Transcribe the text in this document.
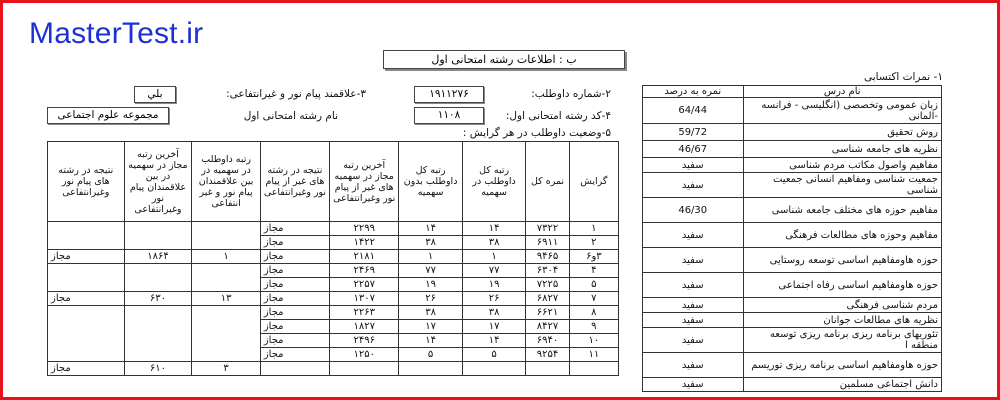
MasterTest.ir
ب : اطلاعات رشته امتحانی اول
۱- نمرات اکتسابی
۲-شماره داوطلب:
۱۹۱۱۲۷۶
۳-علاقمند پیام نور و غیرانتفاعی:
بلي
۴-کد رشته امتحانی اول:
۱۱۰۸
نام رشته امتحانی اول
مجموعه علوم اجتماعی
۵-وضعیت داوطلب در هر گرایش :
نام درس	نمره به درصد
زبان عمومی وتخصصی (انگلیسی - فرانسه -المانی	64/44
روش تحقیق	59/72
نظریه های جامعه شناسی	46/67
مفاهیم واصول مکاتب مردم شناسی	سفید
جمعیت شناسی ومفاهیم انسانی جمعیت شناسی	سفید
مفاهیم حوزه های مختلف جامعه شناسی	46/30
مفاهیم وحوزه های مطالعات فرهنگی	سفید
حوزه هاومفاهیم اساسی توسعه روستایی	سفید
حوزه هاومفاهیم اساسی رفاه اجتماعی	سفید
مردم شناسی فرهنگی	سفید
نظریه های مطالعات جوانان	سفید
تئوریهای برنامه ریزی برنامه ریزی توسعه منطقه ا	سفید
حوزه هاومفاهیم اساسی برنامه ریزی توریسم	سفید
دانش اجتماعی مسلمین	سفید
گرایش	نمره کل	رتبه کل داوطلب در سهمیه	رتبه کل داوطلب بدون سهمیه	آخرین رتبه مجاز در سهمیه های غیر از پیام نور وغیرانتفاعی	نتیجه در رشته های غیر از پیام نور وغیرانتفاعی	رتبه داوطلب در سهمیه در بین علاقمندان پیام نور و غیر انتفاعی	آخرین رتبه مجاز در سهمیه در بین علاقمندان پیام نور وغیرانتفاعی	نتیجه در رشته های پیام نور وغیرانتفاعی
۱	۷۳۲۲	۱۴	۱۴	۲۲۹۹	مجاز			
۲	۶۹۱۱	۳۸	۳۸	۱۴۲۲	مجاز			
۳و۶	۹۴۶۵	۱	۱	۲۱۸۱	مجاز	۱	۱۸۶۴	مجاز
۴	۶۳۰۴	۷۷	۷۷	۲۴۶۹	مجاز			
۵	۷۲۲۵	۱۹	۱۹	۲۲۵۷	مجاز			
۷	۶۸۲۷	۲۶	۲۶	۱۳۰۷	مجاز	۱۳	۶۳۰	مجاز
۸	۶۶۲۱	۳۸	۳۸	۲۲۶۳	مجاز			
۹	۸۴۲۷	۱۷	۱۷	۱۸۲۷	مجاز			
۱۰	۶۹۴۰	۱۴	۱۴	۲۴۹۶	مجاز			
۱۱	۹۲۵۴	۵	۵	۱۲۵۰	مجاز			
						۳	۶۱۰	مجاز
